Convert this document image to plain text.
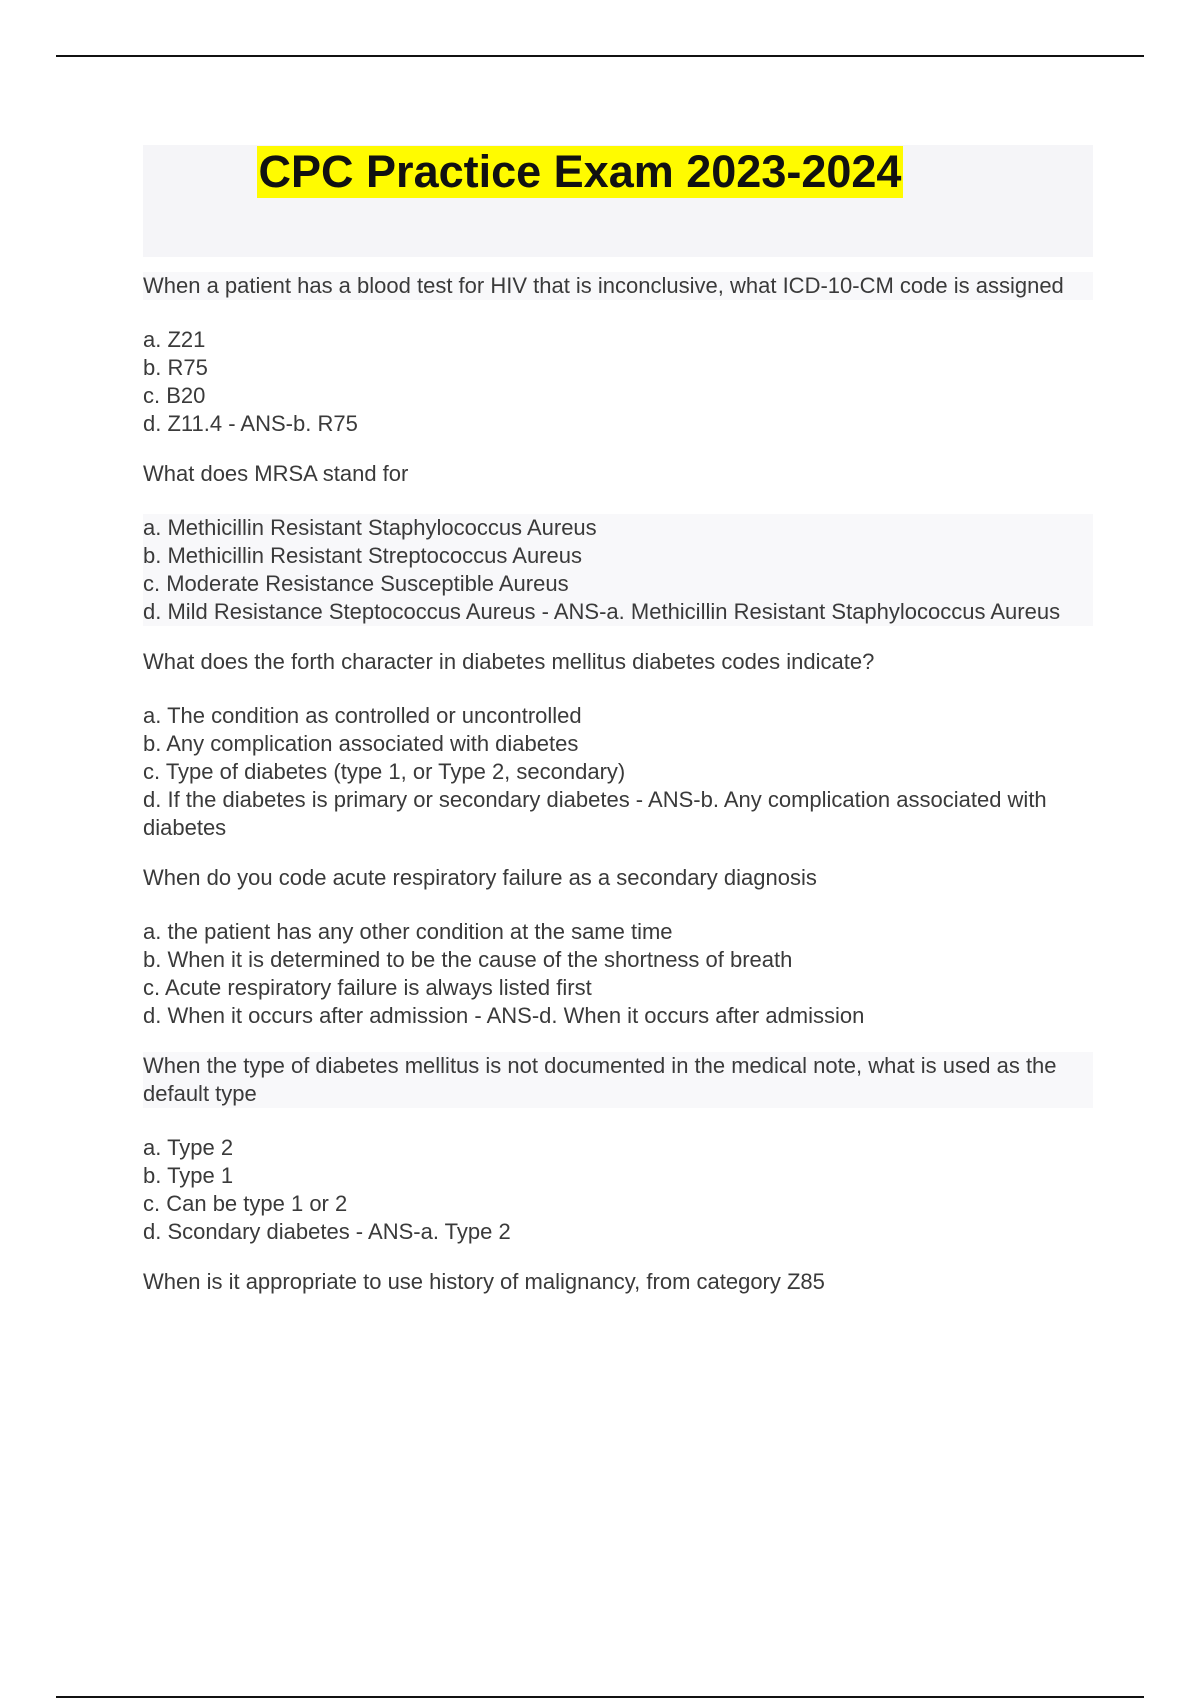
CPC Practice Exam 2023-2024
When a patient has a blood test for HIV that is inconclusive, what ICD-10-CM code is assigned
a. Z21
b. R75
c. B20
d. Z11.4 - ANS-b. R75
What does MRSA stand for
a. Methicillin Resistant Staphylococcus Aureus
b. Methicillin Resistant Streptococcus Aureus
c. Moderate Resistance Susceptible Aureus
d. Mild Resistance Steptococcus Aureus - ANS-a. Methicillin Resistant Staphylococcus Aureus
What does the forth character in diabetes mellitus diabetes codes indicate?
a. The condition as controlled or uncontrolled
b. Any complication associated with diabetes
c. Type of diabetes (type 1, or Type 2, secondary)
d. If the diabetes is primary or secondary diabetes - ANS-b. Any complication associated with diabetes
When do you code acute respiratory failure as a secondary diagnosis
a. the patient has any other condition at the same time
b. When it is determined to be the cause of the shortness of breath
c. Acute respiratory failure is always listed first
d. When it occurs after admission - ANS-d. When it occurs after admission
When the type of diabetes mellitus is not documented in the medical note, what is used as the default type
a. Type 2
b. Type 1
c. Can be type 1 or 2
d. Scondary diabetes - ANS-a. Type 2
When is it appropriate to use history of malignancy, from category Z85
